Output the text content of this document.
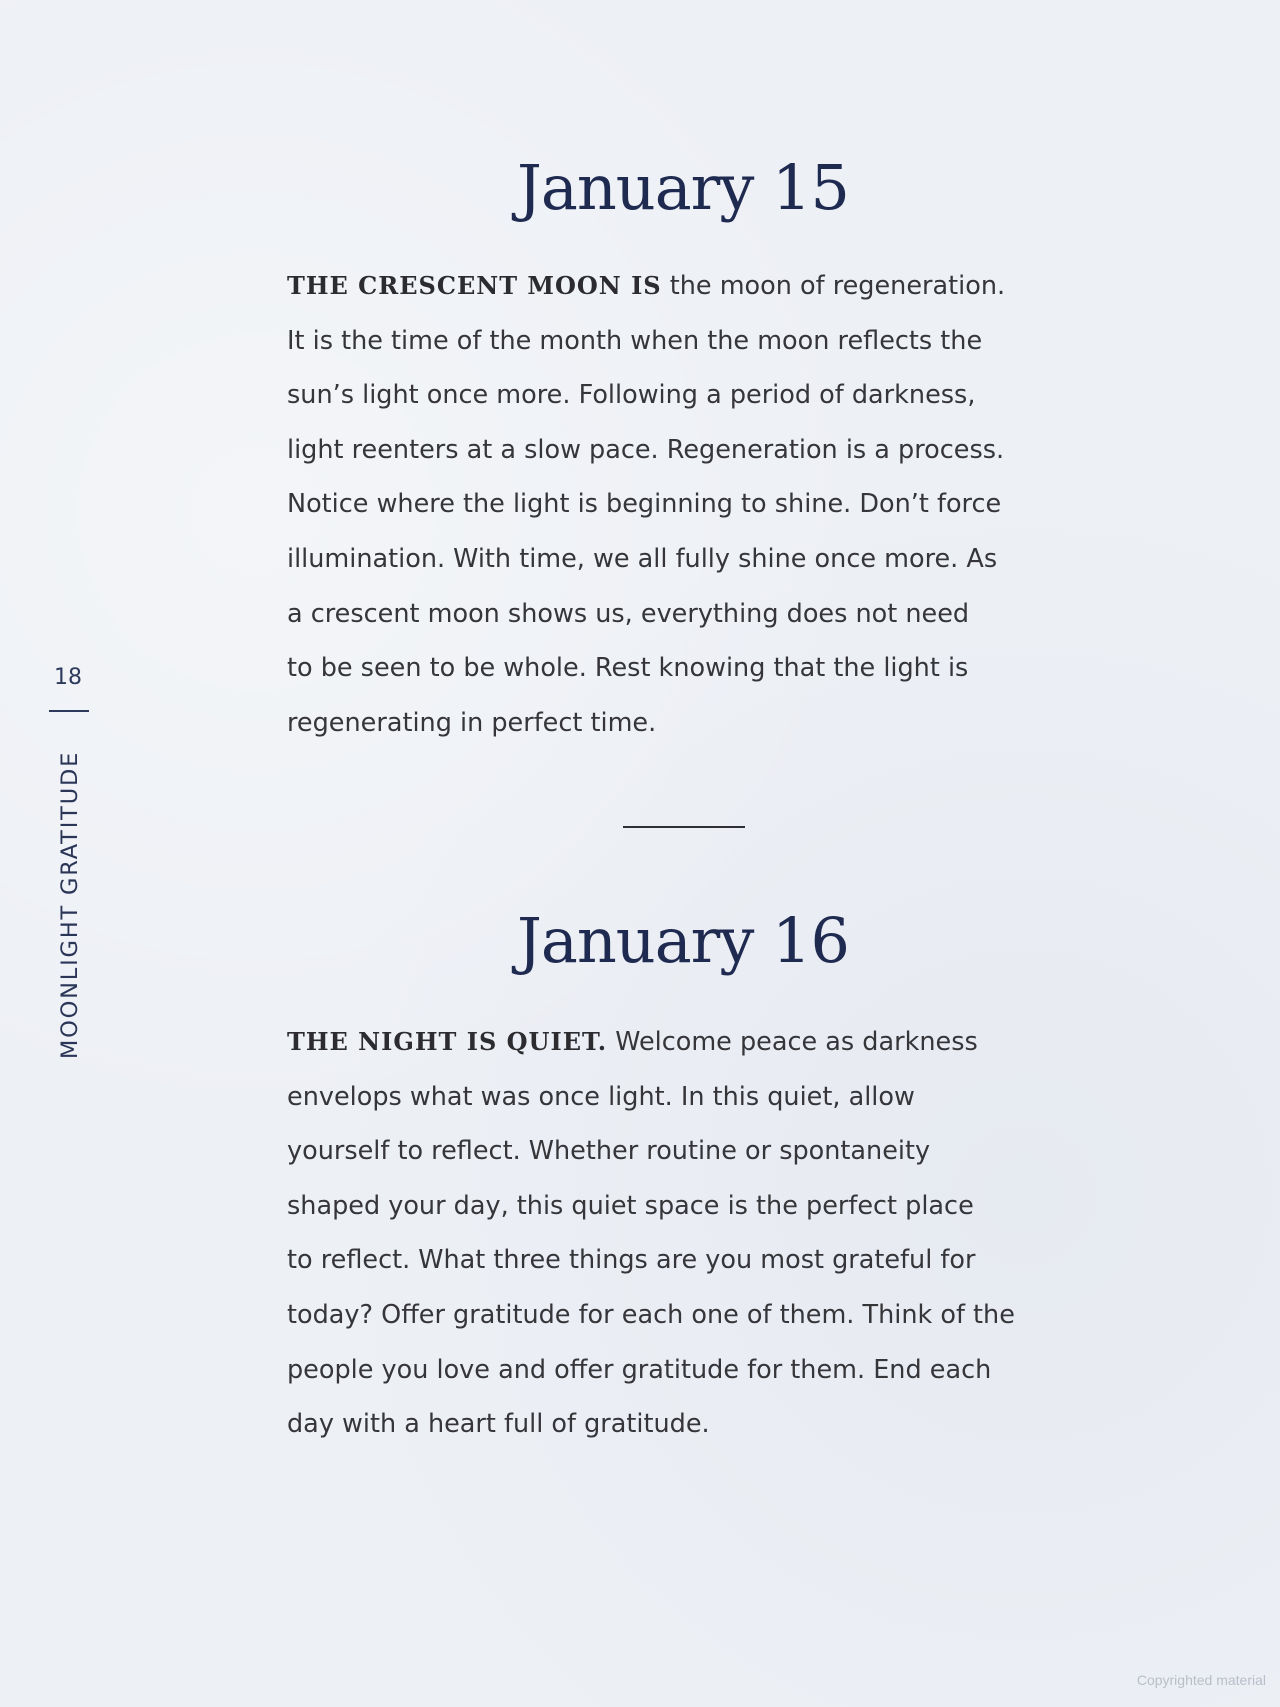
18
MOONLIGHT GRATITUDE
January 15

THE CRESCENT MOON IS the moon of regeneration.
It is the time of the month when the moon reflects the
sun’s light once more. Following a period of darkness,
light reenters at a slow pace. Regeneration is a process.
Notice where the light is beginning to shine. Don’t force
illumination. With time, we all fully shine once more. As
a crescent moon shows us, everything does not need
to be seen to be whole. Rest knowing that the light is
regenerating in perfect time.

January 16

THE NIGHT IS QUIET. Welcome peace as darkness
envelops what was once light. In this quiet, allow
yourself to reflect. Whether routine or spontaneity
shaped your day, this quiet space is the perfect place
to reflect. What three things are you most grateful for
today? Offer gratitude for each one of them. Think of the
people you love and offer gratitude for them. End each
day with a heart full of gratitude.

Copyrighted material
